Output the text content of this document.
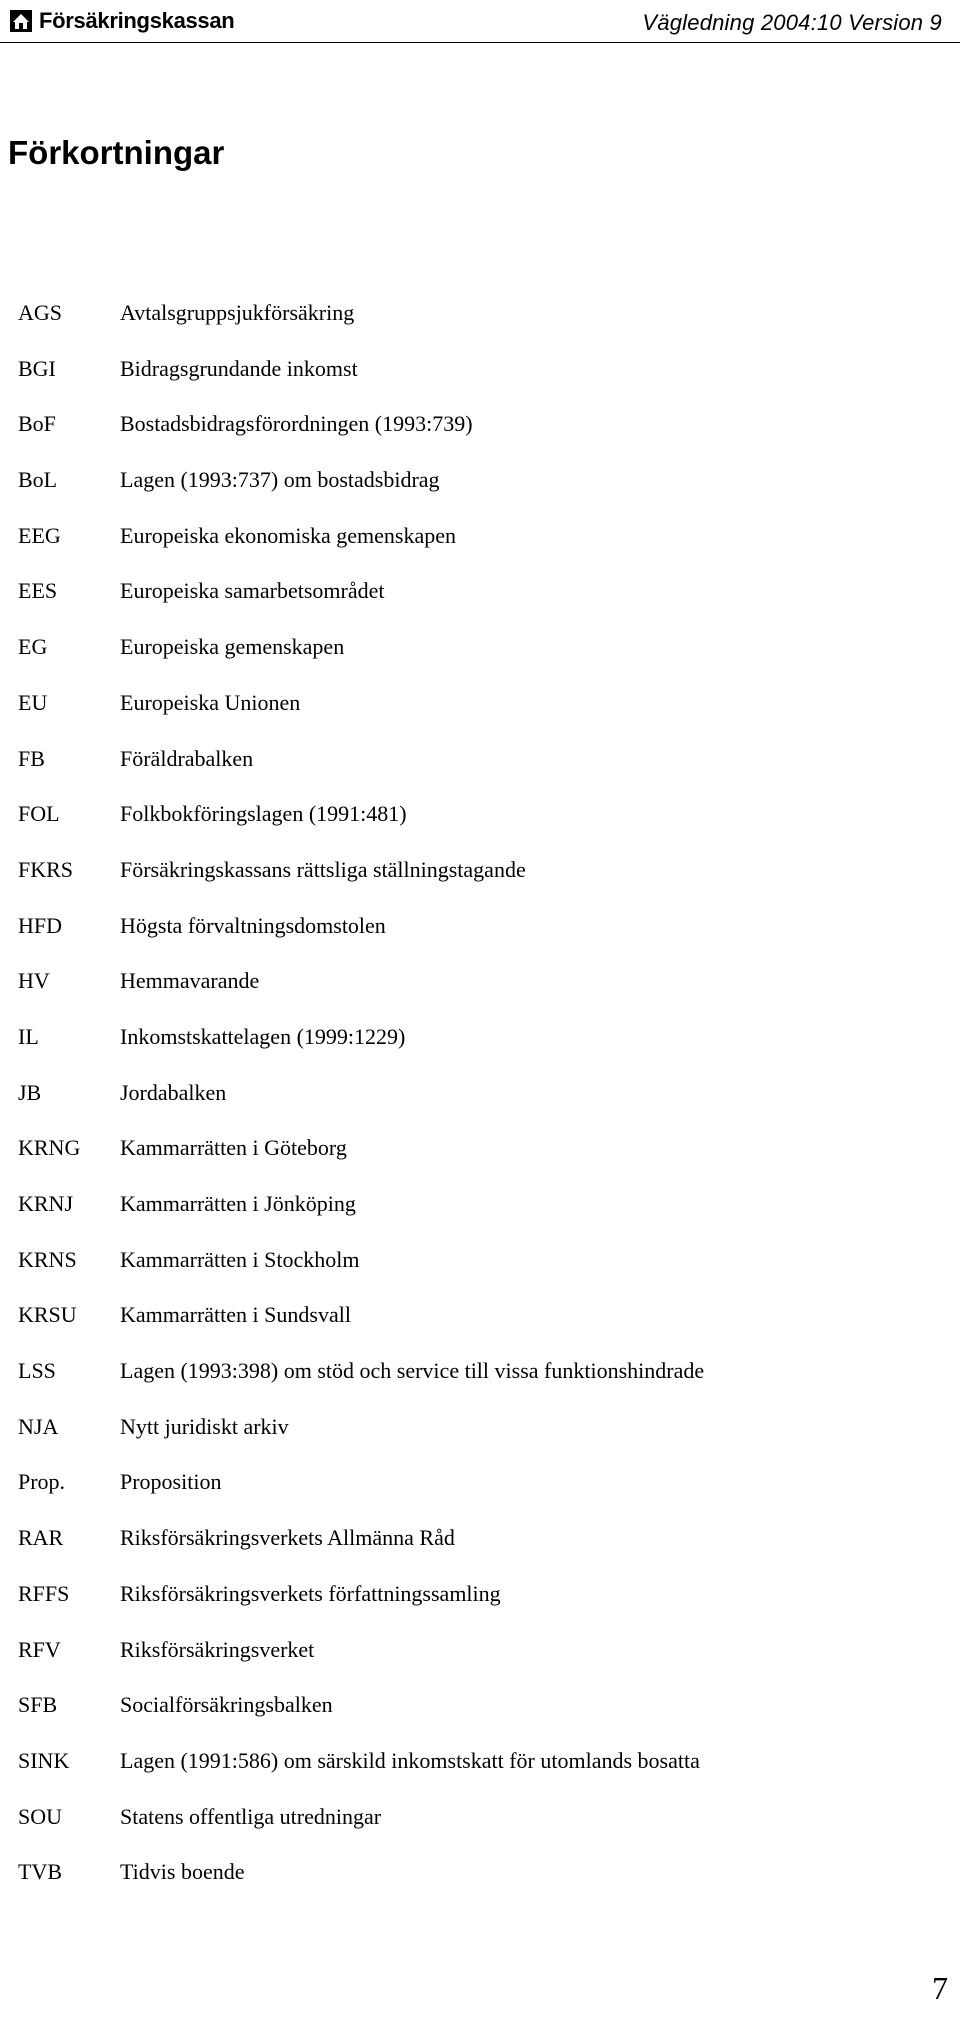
Försäkringskassan	Vägledning 2004:10 Version 9
Förkortningar
AGS	Avtalsgruppsjukförsäkring
BGI	Bidragsgrundande inkomst
BoF	Bostadsbidragsförordningen (1993:739)
BoL	Lagen (1993:737) om bostadsbidrag
EEG	Europeiska ekonomiska gemenskapen
EES	Europeiska samarbetsområdet
EG	Europeiska gemenskapen
EU	Europeiska Unionen
FB	Föräldrabalken
FOL	Folkbokföringslagen (1991:481)
FKRS	Försäkringskassans rättsliga ställningstagande
HFD	Högsta förvaltningsdomstolen
HV	Hemmavarande
IL	Inkomstskattelagen (1999:1229)
JB	Jordabalken
KRNG	Kammarrätten i Göteborg
KRNJ	Kammarrätten i Jönköping
KRNS	Kammarrätten i Stockholm
KRSU	Kammarrätten i Sundsvall
LSS	Lagen (1993:398) om stöd och service till vissa funktionshindrade
NJA	Nytt juridiskt arkiv
Prop.	Proposition
RAR	Riksförsäkringsverkets Allmänna Råd
RFFS	Riksförsäkringsverkets författningssamling
RFV	Riksförsäkringsverket
SFB	Socialförsäkringsbalken
SINK	Lagen (1991:586) om särskild inkomstskatt för utomlands bosatta
SOU	Statens offentliga utredningar
TVB	Tidvis boende
7
